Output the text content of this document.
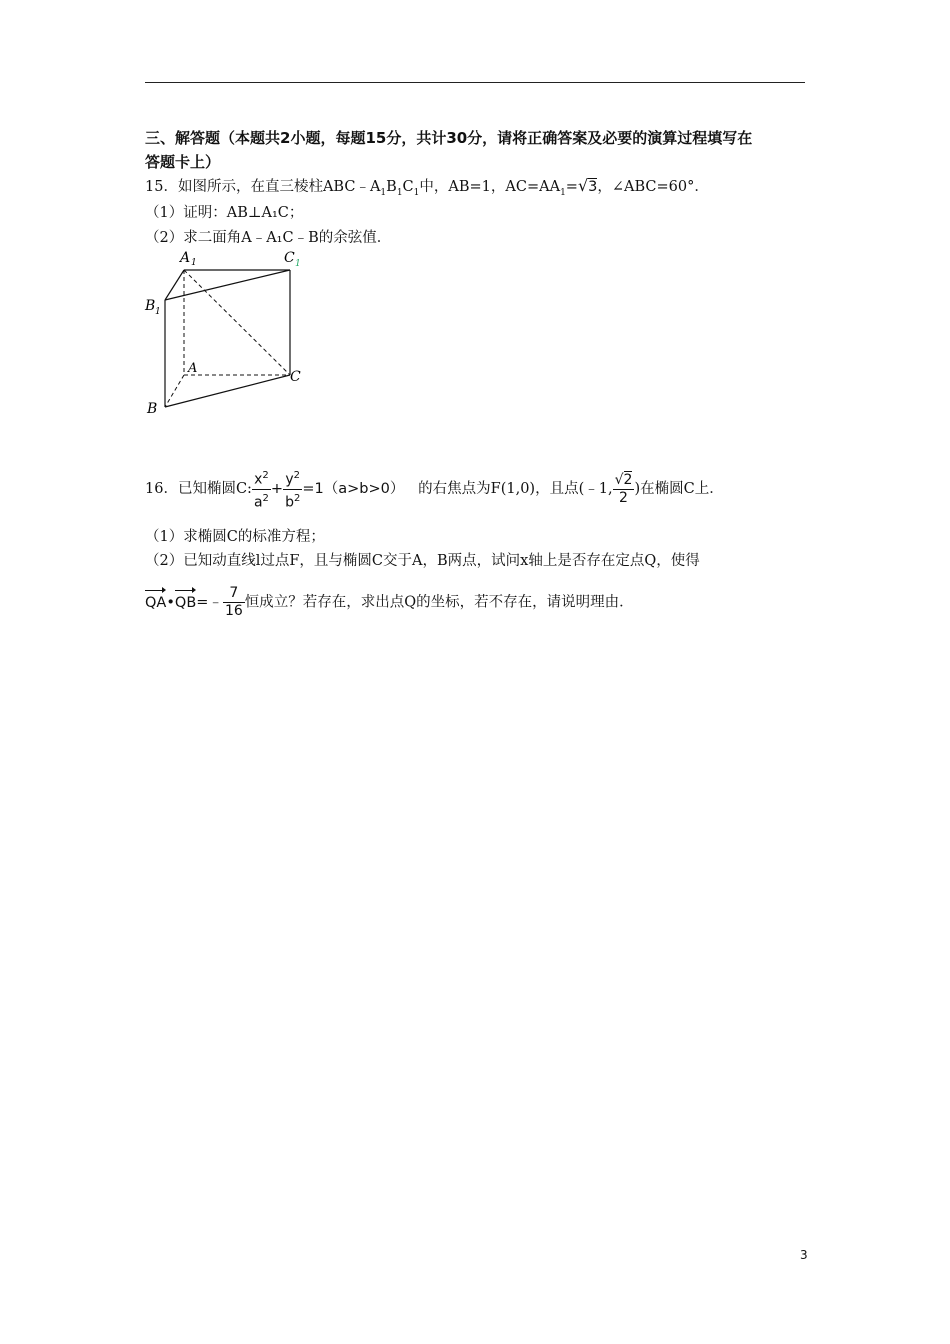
三、解答题（本题共2小题，每题15分，共计30分，请将正确答案及必要的演算过程填写在
答题卡上）
15．如图所示，在直三棱柱$ABC﹣A_1B_1C_1$中，AB=1，$AC=AA_1=√3$，∠ABC=60°．
（1）证明：AB⊥A₁C；
（2）求二面角A﹣A₁C﹣B的余弦值．
A 1	C 1
B 1
A
C
B
16．已知椭圆C: $\frac{x^2}{a^2} + \frac{y^2}{b^2} =1(a>b>0)$ 的右焦点为F(1,0)，且点(﹣1, $\frac{√2}{2}$ )在椭圆C上．
（1）求椭圆C的标准方程；
（2）已知动直线l过点F，且与椭圆C交于A，B两点，试问x轴上是否存在定点Q，使得
QA•QB=﹣ $\frac{7}{16}$ 恒成立？若存在，求出点Q的坐标，若不存在，请说明理由．
3
